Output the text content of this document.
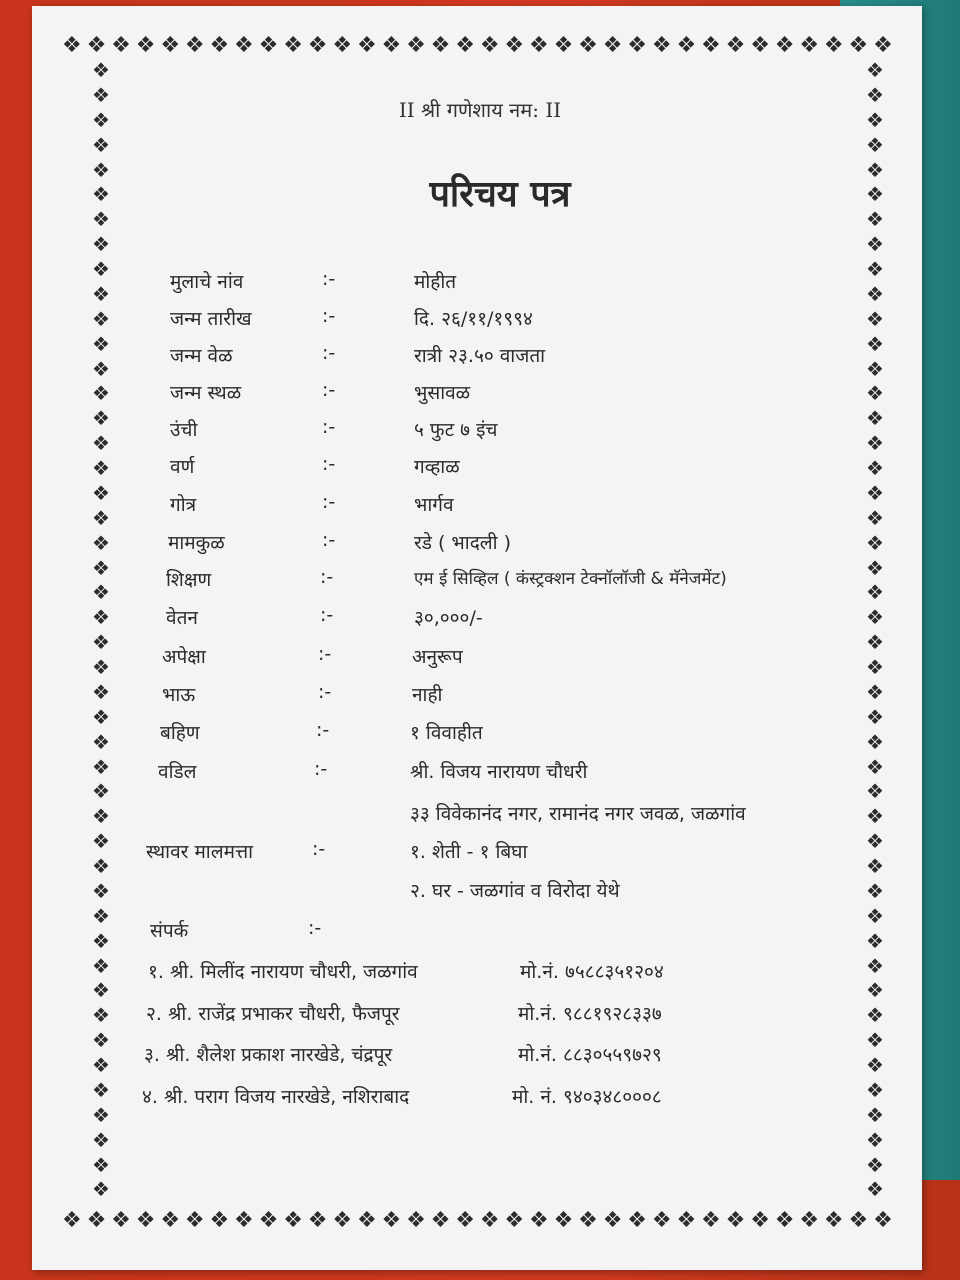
❖ ❖ ❖ ❖ ❖ ❖ ❖ ❖ ❖ ❖ ❖ ❖ ❖ ❖ ❖ ❖ ❖ ❖ ❖ ❖ ❖ ❖ ❖ ❖ ❖ ❖ ❖ ❖ ❖ ❖ ❖ ❖ ❖ ❖
❖ ❖ ❖ ❖ ❖ ❖ ❖ ❖ ❖ ❖ ❖ ❖ ❖ ❖ ❖ ❖ ❖ ❖ ❖ ❖ ❖ ❖ ❖ ❖ ❖ ❖ ❖ ❖ ❖ ❖ ❖ ❖ ❖ ❖
❖
❖
❖
❖
❖
❖
❖
❖
❖
❖
❖
❖
❖
❖
❖
❖
❖
❖
❖
❖
❖
❖
❖
❖
❖
❖
❖
❖
❖
❖
❖
❖
❖
❖
❖
❖
❖
❖
❖
❖
❖
❖
❖
❖
❖
❖
❖
❖
❖
❖
❖
❖
❖
❖
❖
❖
❖
❖
❖
❖
❖
❖
❖
❖
❖
❖
❖
❖
❖
❖
❖
❖
❖
❖
❖
❖
❖
❖
❖
❖
❖
❖
❖
❖
❖
❖
❖
❖
❖
❖
❖
❖
II श्री गणेशाय नम: II
परिचय पत्र
मुलाचे नांव	:-	मोहीत
जन्म तारीख	:-	दि. २६/११/१९९४
जन्म वेळ	:-	रात्री २३.५० वाजता
जन्म स्थळ	:-	भुसावळ
उंची	:-	५ फुट ७ इंच
वर्ण	:-	गव्हाळ
गोत्र	:-	भार्गव
मामकुळ	:-	रडे ( भादली )
शिक्षण	:-	एम ई सिव्हिल ( कंस्ट्रक्शन टेक्नॉलॉजी & मॅनेजमेंट)
वेतन	:-	३०,०००/-
अपेक्षा	:-	अनुरूप
भाऊ	:-	नाही
बहिण	:-	१ विवाहीत
वडिल	:-	श्री. विजय नारायण चौधरी
३३ विवेकानंद नगर, रामानंद नगर जवळ, जळगांव
स्थावर मालमत्ता	:-	१. शेती - १ बिघा
२. घर - जळगांव व विरोदा येथे
संपर्क	:-
१. श्री. मिलींद नारायण चौधरी, जळगांव	मो.नं. ७५८८३५१२०४
२. श्री. राजेंद्र प्रभाकर चौधरी, फैजपूर	मो.नं. ९८८१९२८३३७
३. श्री. शैलेश प्रकाश नारखेडे, चंद्रपूर	मो.नं. ८८३०५५९७२९
४. श्री. पराग विजय नारखेडे, नशिराबाद	मो. नं. ९४०३४८०००८
